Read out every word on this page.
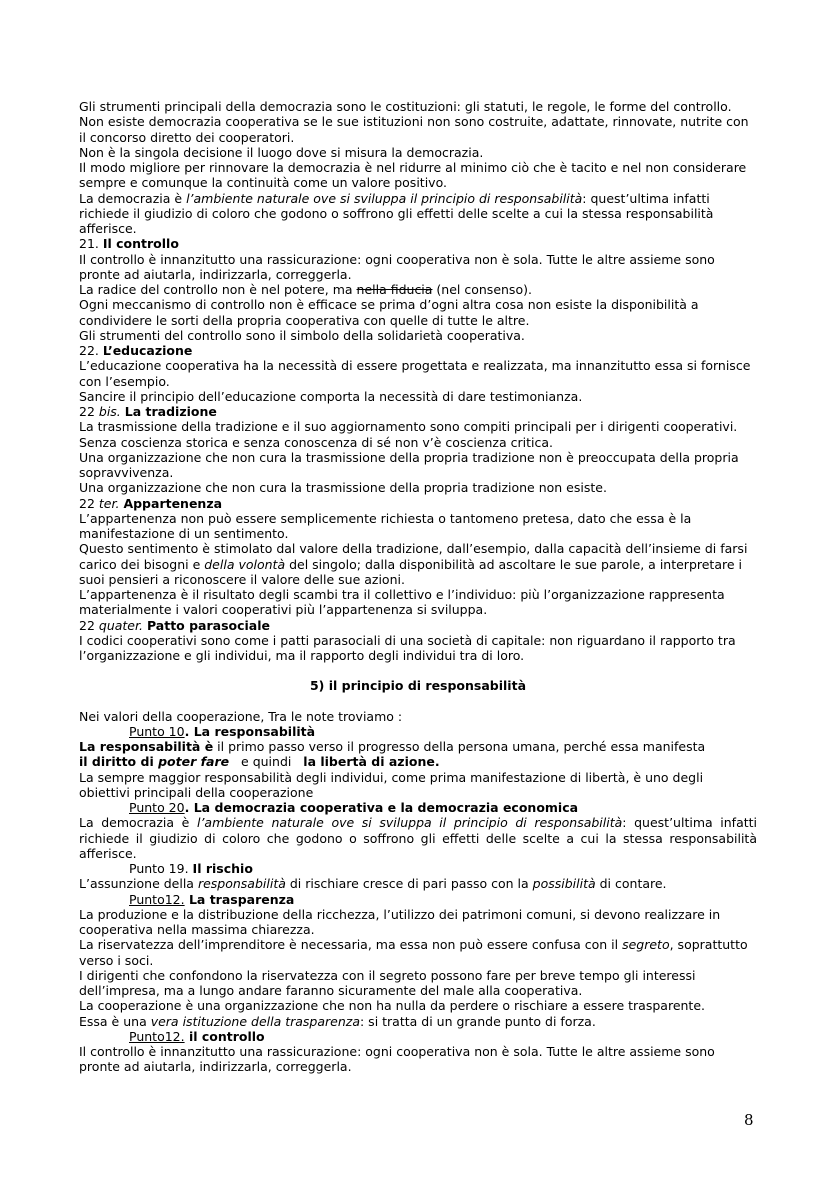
Gli strumenti principali della democrazia sono le costituzioni: gli statuti, le regole, le forme del controllo.

Non esiste democrazia cooperativa se le sue istituzioni non sono costruite, adattate, rinnovate, nutrite con il concorso diretto dei cooperatori.

Non è la singola decisione il luogo dove si misura la democrazia.

Il modo migliore per rinnovare la democrazia è nel ridurre al minimo ciò che è tacito e nel non considerare sempre e comunque la continuità come un valore positivo.

La democrazia è l’ambiente naturale ove si sviluppa il principio di responsabilità: quest’ultima infatti richiede il giudizio di coloro che godono o soffrono gli effetti delle scelte a cui la stessa responsabilità afferisce.

21. Il controllo

Il controllo è innanzitutto una rassicurazione: ogni cooperativa non è sola. Tutte le altre assieme sono pronte ad aiutarla, indirizzarla, correggerla.

La radice del controllo non è nel potere, ma nella fiducia (nel consenso).

Ogni meccanismo di controllo non è efficace se prima d’ogni altra cosa non esiste la disponibilità a condividere le sorti della propria cooperativa con quelle di tutte le altre.

Gli strumenti del controllo sono il simbolo della solidarietà cooperativa.

22. L’educazione

L’educazione cooperativa ha la necessità di essere progettata e realizzata, ma innanzitutto essa si fornisce con l’esempio.

Sancire il principio dell’educazione comporta la necessità di dare testimonianza.

22 bis. La tradizione

La trasmissione della tradizione e il suo aggiornamento sono compiti principali per i dirigenti cooperativi.

Senza coscienza storica e senza conoscenza di sé non v’è coscienza critica.

Una organizzazione che non cura la trasmissione della propria tradizione non è preoccupata della propria sopravvivenza.

Una organizzazione che non cura la trasmissione della propria tradizione non esiste.

22 ter. Appartenenza

L’appartenenza non può essere semplicemente richiesta o tantomeno pretesa, dato che essa è la manifestazione di un sentimento.

Questo sentimento è stimolato dal valore della tradizione, dall’esempio, dalla capacità dell’insieme di farsi carico dei bisogni e della volontà del singolo; dalla disponibilità ad ascoltare le sue parole, a interpretare i suoi pensieri a riconoscere il valore delle sue azioni.

L’appartenenza è il risultato degli scambi tra il collettivo e l’individuo: più l’organizzazione rappresenta materialmente i valori cooperativi più l’appartenenza si sviluppa.

22 quater. Patto parasociale

I codici cooperativi sono come i patti parasociali di una società di capitale: non riguardano il rapporto tra l’organizzazione e gli individui, ma il rapporto degli individui tra di loro.

5) il principio di responsabilità

Nei valori della cooperazione, Tra le note troviamo :

Punto 10. La responsabilità

La responsabilità è il primo passo verso il progresso della persona umana, perché essa manifesta

il diritto di poter fare   e quindi   la libertà di azione.

La sempre maggior responsabilità degli individui, come prima manifestazione di libertà, è uno degli obiettivi principali della cooperazione

Punto 20. La democrazia cooperativa e la democrazia economica

La democrazia è l’ambiente naturale ove si sviluppa il principio di responsabilità: quest’ultima infatti richiede il giudizio di coloro che godono o soffrono gli effetti delle scelte a cui la stessa responsabilità afferisce.

Punto 19. Il rischio

L’assunzione della responsabilità di rischiare cresce di pari passo con la possibilità di contare.

Punto12. La trasparenza

La produzione e la distribuzione della ricchezza, l’utilizzo dei patrimoni comuni, si devono realizzare in cooperativa nella massima chiarezza.

La riservatezza dell’imprenditore è necessaria, ma essa non può essere confusa con il segreto, soprattutto verso i soci.

I dirigenti che confondono la riservatezza con il segreto possono fare per breve tempo gli interessi dell’impresa, ma a lungo andare faranno sicuramente del male alla cooperativa.

La cooperazione è una organizzazione che non ha nulla da perdere o rischiare a essere trasparente.

Essa è una vera istituzione della trasparenza: si tratta di un grande punto di forza.

Punto12. il controllo

Il controllo è innanzitutto una rassicurazione: ogni cooperativa non è sola. Tutte le altre assieme sono pronte ad aiutarla, indirizzarla, correggerla.

8
